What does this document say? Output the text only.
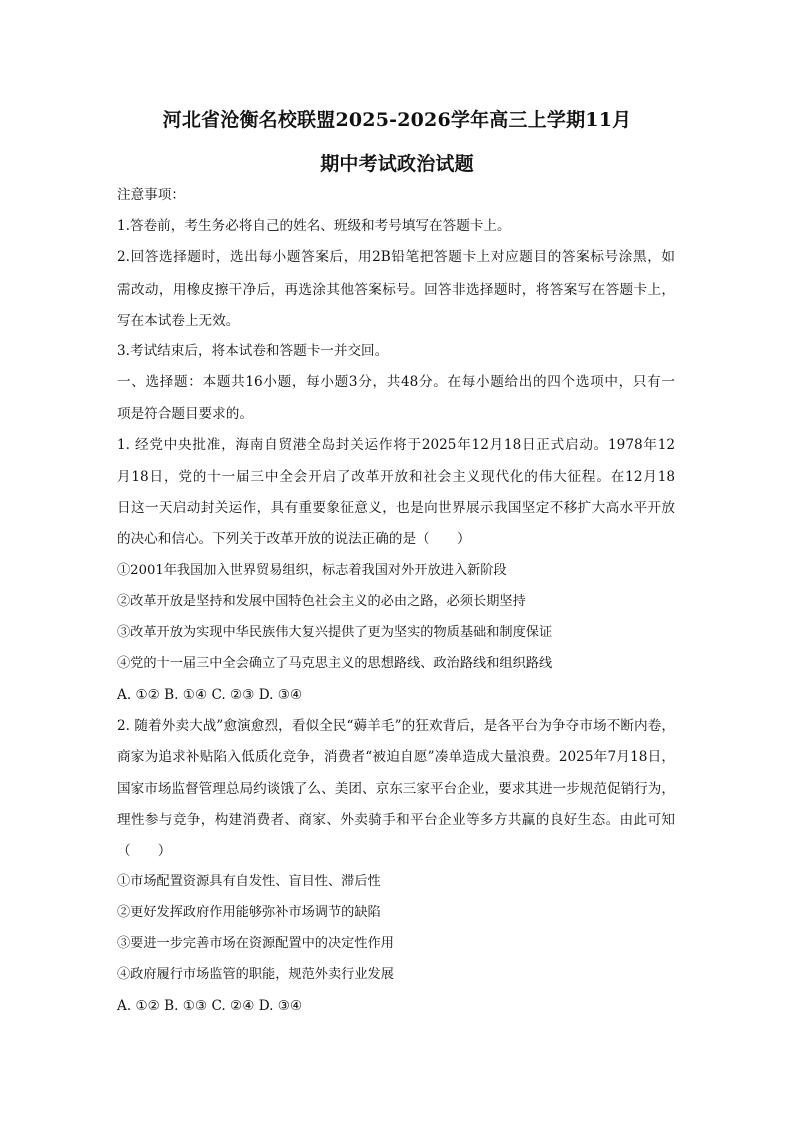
河北省沧衡名校联盟2025-2026学年高三上学期11月
期中考试政治试题
注意事项：
1.答卷前，考生务必将自己的姓名、班级和考号填写在答题卡上。
2.回答选择题时，选出每小题答案后，用2B铅笔把答题卡上对应题目的答案标号涂黑，如
需改动，用橡皮擦干净后，再选涂其他答案标号。回答非选择题时，将答案写在答题卡上，
写在本试卷上无效。
3.考试结束后，将本试卷和答题卡一并交回。
一、选择题：本题共16小题，每小题3分，共48分。在每小题给出的四个选项中，只有一
项是符合题目要求的。
1. 经党中央批准，海南自贸港全岛封关运作将于2025年12月18日正式启动。1978年12
月18日，党的十一届三中全会开启了改革开放和社会主义现代化的伟大征程。在12月18
日这一天启动封关运作，具有重要象征意义，也是向世界展示我国坚定不移扩大高水平开放
的决心和信心。下列关于改革开放的说法正确的是（　　）
①2001年我国加入世界贸易组织，标志着我国对外开放进入新阶段
②改革开放是坚持和发展中国特色社会主义的必由之路，必须长期坚持
③改革开放为实现中华民族伟大复兴提供了更为坚实的物质基础和制度保证
④党的十一届三中全会确立了马克思主义的思想路线、政治路线和组织路线
A. ①② B. ①④ C. ②③ D. ③④
2. 随着外卖大战”愈演愈烈，看似全民“薅羊毛”的狂欢背后，是各平台为争夺市场不断内卷，
商家为追求补贴陷入低质化竞争，消费者“被迫自愿”凑单造成大量浪费。2025年7月18日，
国家市场监督管理总局约谈饿了么、美团、京东三家平台企业，要求其进一步规范促销行为，
理性参与竞争，构建消费者、商家、外卖骑手和平台企业等多方共赢的良好生态。由此可知
（　　）
①市场配置资源具有自发性、盲目性、滞后性
②更好发挥政府作用能够弥补市场调节的缺陷
③要进一步完善市场在资源配置中的决定性作用
④政府履行市场监管的职能，规范外卖行业发展
A. ①② B. ①③ C. ②④ D. ③④
